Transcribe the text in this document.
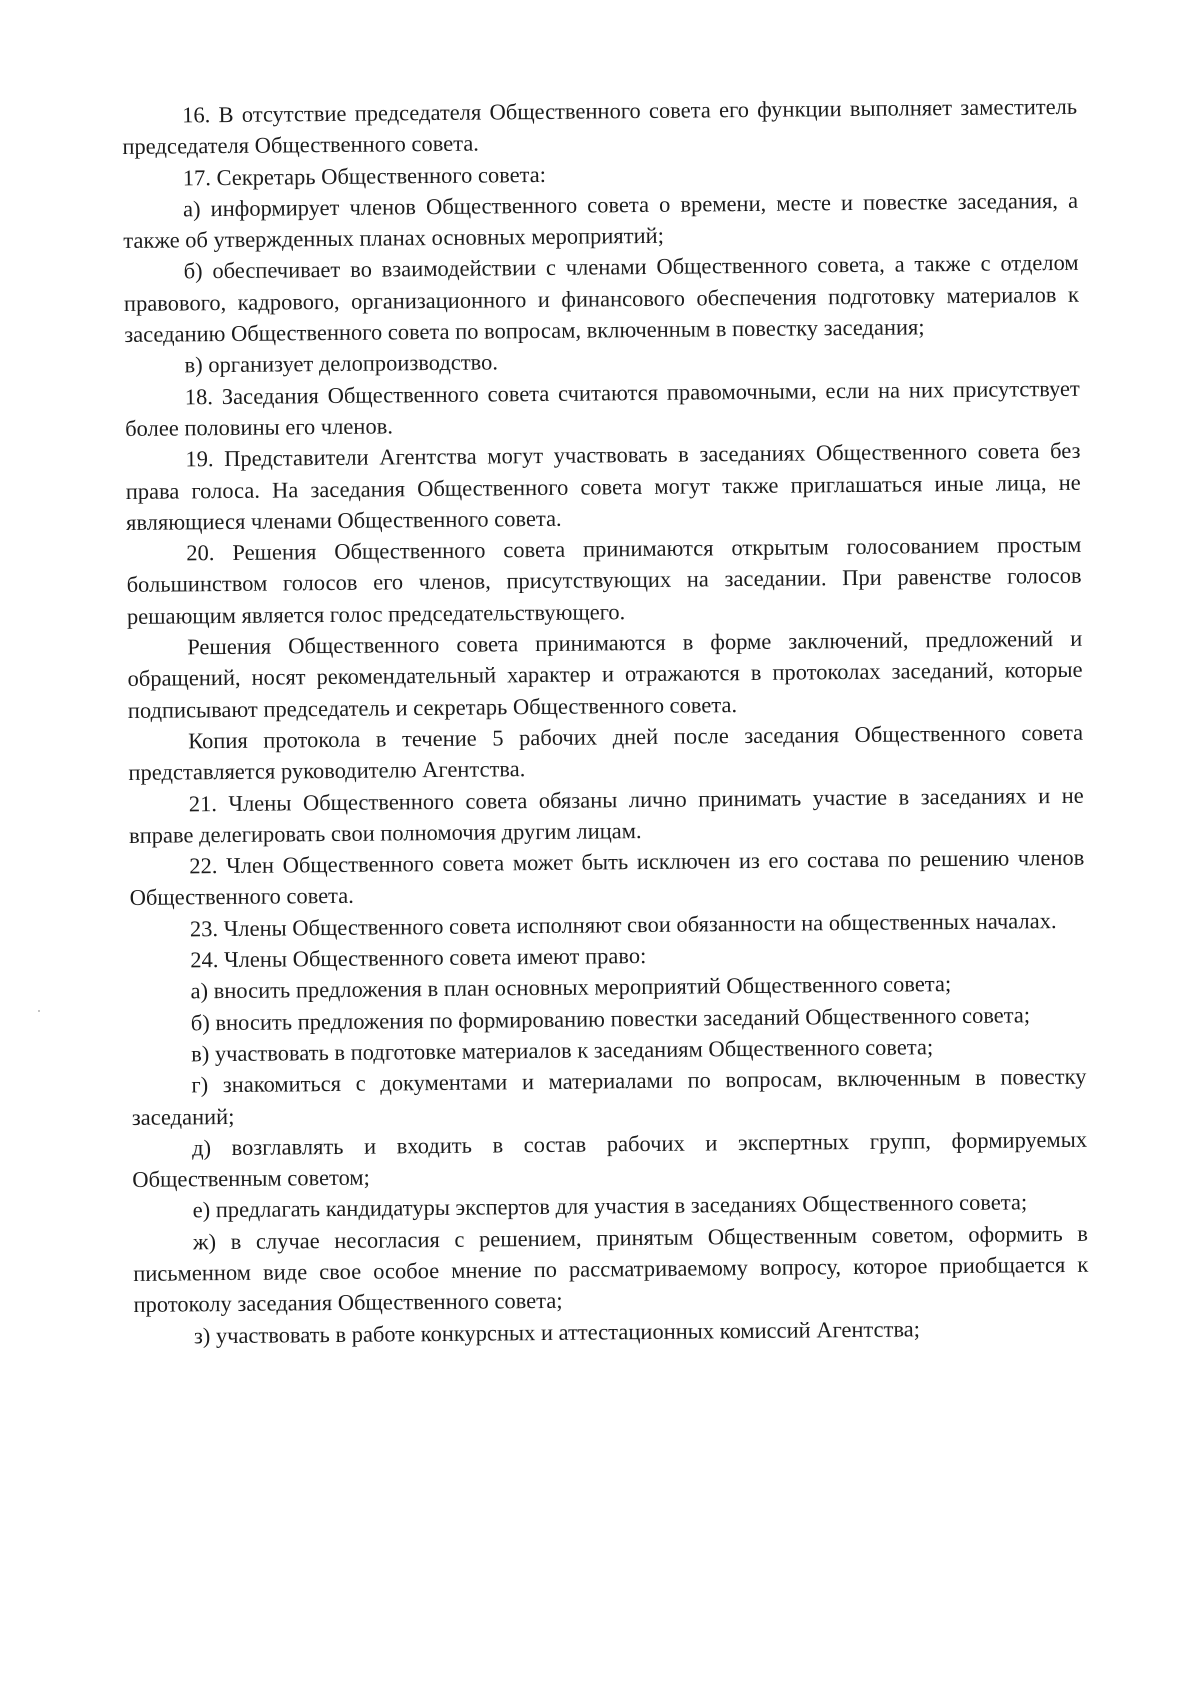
16. В отсутствие председателя Общественного совета его функции выполняет заместитель председателя Общественного совета.

17. Секретарь Общественного совета:

а) информирует членов Общественного совета о времени, месте и повестке заседания, а также об утвержденных планах основных мероприятий;

б) обеспечивает во взаимодействии с членами Общественного совета, а также с отделом правового, кадрового, организационного и финансового обеспечения подготовку материалов к заседанию Общественного совета по вопросам, включенным в повестку заседания;

в) организует делопроизводство.

18. Заседания Общественного совета считаются правомочными, если на них присутствует более половины его членов.

19. Представители Агентства могут участвовать в заседаниях Общественного совета без права голоса. На заседания Общественного совета могут также приглашаться иные лица, не являющиеся членами Общественного совета.

20. Решения Общественного совета принимаются открытым голосованием простым большинством голосов его членов, присутствующих на заседании. При равенстве голосов решающим является голос председательствующего.

Решения Общественного совета принимаются в форме заключений, предложений и обращений, носят рекомендательный характер и отражаются в протоколах заседаний, которые подписывают председатель и секретарь Общественного совета.

Копия протокола в течение 5 рабочих дней после заседания Общественного совета представляется руководителю Агентства.

21. Члены Общественного совета обязаны лично принимать участие в заседаниях и не вправе делегировать свои полномочия другим лицам.

22. Член Общественного совета может быть исключен из его состава по решению членов Общественного совета.

23. Члены Общественного совета исполняют свои обязанности на общественных началах.

24. Члены Общественного совета имеют право:

а) вносить предложения в план основных мероприятий Общественного совета;

б) вносить предложения по формированию повестки заседаний Общественного совета;

в) участвовать в подготовке материалов к заседаниям Общественного совета;

г) знакомиться с документами и материалами по вопросам, включенным в повестку заседаний;

д) возглавлять и входить в состав рабочих и экспертных групп, формируемых Общественным советом;

е) предлагать кандидатуры экспертов для участия в заседаниях Общественного совета;

ж) в случае несогласия с решением, принятым Общественным советом, оформить в письменном виде свое особое мнение по рассматриваемому вопросу, которое приобщается к протоколу заседания Общественного совета;

з) участвовать в работе конкурсных и аттестационных комиссий Агентства;
